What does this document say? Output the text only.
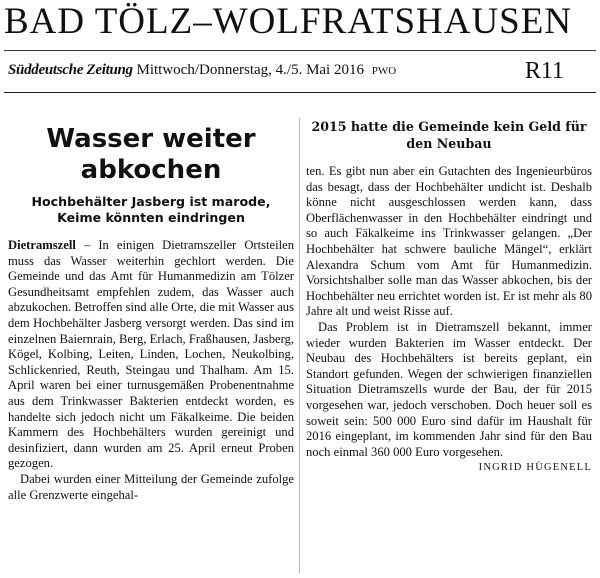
BAD TÖLZ–WOLFRATSHAUSEN
Süddeutsche Zeitung Mittwoch/Donnerstag, 4./5. Mai 2016 PWO	R11
Wasser weiter abkochen
Hochbehälter Jasberg ist marode, Keime könnten eindringen

Dietramszell – In einigen Dietramszeller Ortsteilen muss das Wasser weiterhin gechlort werden. Die Gemeinde und das Amt für Humanmedizin am Tölzer Gesundheitsamt empfehlen zudem, das Wasser auch abzukochen. Betroffen sind alle Orte, die mit Wasser aus dem Hochbehälter Jasberg versorgt werden. Das sind im einzelnen Baiernrain, Berg, Erlach, Fraßhausen, Jasberg, Kögel, Kolbing, Leiten, Linden, Lochen, Neukolbing, Schlickenried, Reuth, Steingau und Thalham. Am 15. April waren bei einer turnusgemäßen Probenentnahme aus dem Trinkwasser Bakterien entdeckt worden, es handelte sich jedoch nicht um Fäkalkeime. Die beiden Kammern des Hochbehälters wurden gereinigt und desinfiziert, dann wurden am 25. April erneut Proben gezogen.

Dabei wurden einer Mitteilung der Gemeinde zufolge alle Grenzwerte eingehal-

2015 hatte die Gemeinde kein Geld für den Neubau

ten. Es gibt nun aber ein Gutachten des Ingenieurbüros das besagt, dass der Hochbehälter undicht ist. Deshalb könne nicht ausgeschlossen werden kann, dass Oberflächenwasser in den Hochbehälter eindringt und so auch Fäkalkeime ins Trinkwasser gelangen. „Der Hochbehälter hat schwere bauliche Mängel“, erklärt Alexandra Schum vom Amt für Humanmedizin. Vorsichtshalber solle man das Wasser abkochen, bis der Hochbehälter neu errichtet worden ist. Er ist mehr als 80 Jahre alt und weist Risse auf.

Das Problem ist in Dietramszell bekannt, immer wieder wurden Bakterien im Wasser entdeckt. Der Neubau des Hochbehälters ist bereits geplant, ein Standort gefunden. Wegen der schwierigen finanziellen Situation Dietramszells wurde der Bau, der für 2015 vorgesehen war, jedoch verschoben. Doch heuer soll es soweit sein: 500 000 Euro sind dafür im Haushalt für 2016 eingeplant, im kommenden Jahr sind für den Bau noch einmal 360 000 Euro vorgesehen.
INGRID HÜGENELL
